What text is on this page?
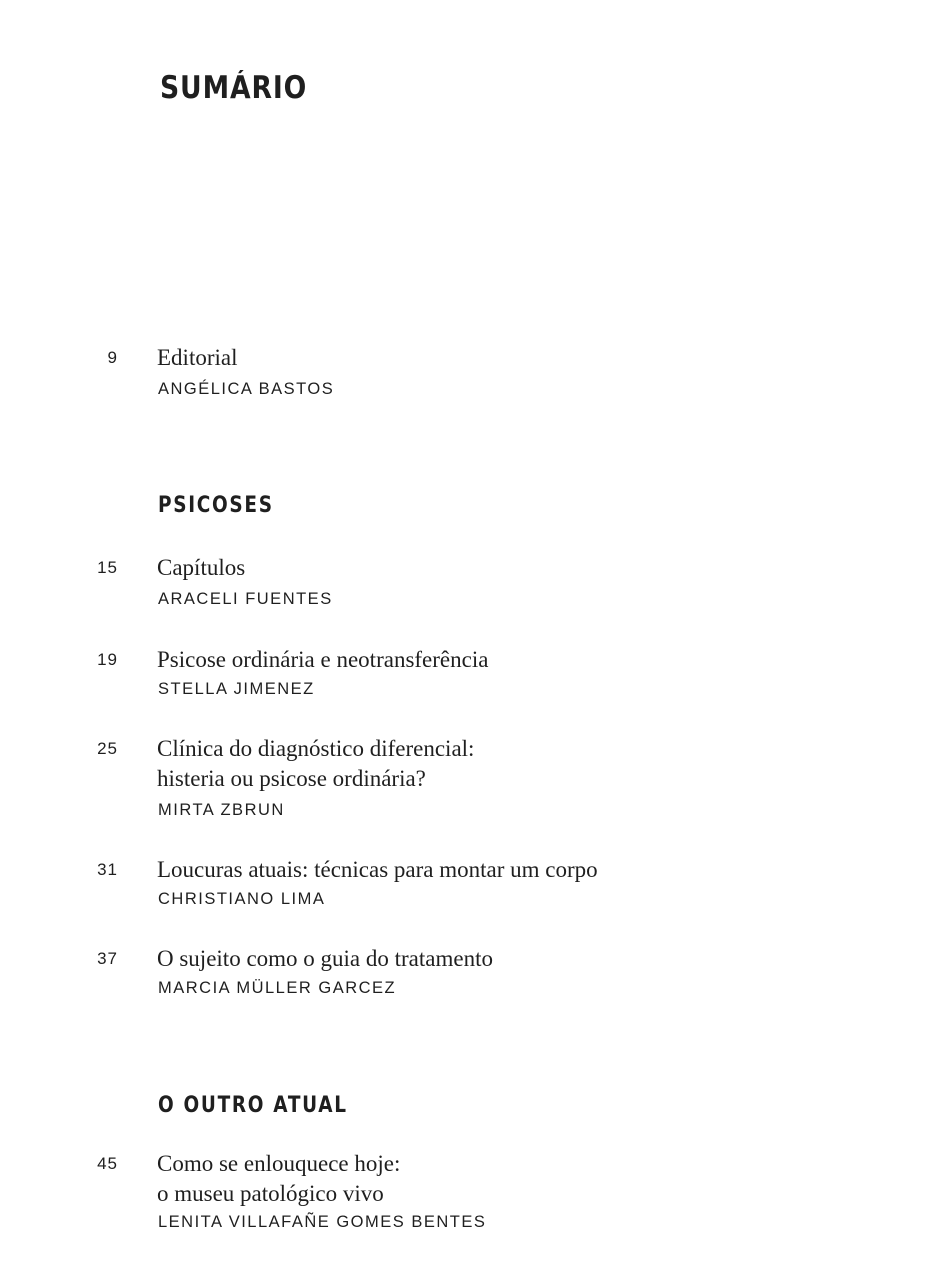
SUMÁRIO
9 Editorial
ANGÉLICA BASTOS
PSICOSES
15 Capítulos
ARACELI FUENTES
19 Psicose ordinária e neotransferência
STELLA JIMENEZ
25 Clínica do diagnóstico diferencial:
histeria ou psicose ordinária?
MIRTA ZBRUN
31 Loucuras atuais: técnicas para montar um corpo
CHRISTIANO LIMA
37 O sujeito como o guia do tratamento
MARCIA MÜLLER GARCEZ
O OUTRO ATUAL
45 Como se enlouquece hoje:
o museu patológico vivo
LENITA VILLAFAÑE GOMES BENTES
